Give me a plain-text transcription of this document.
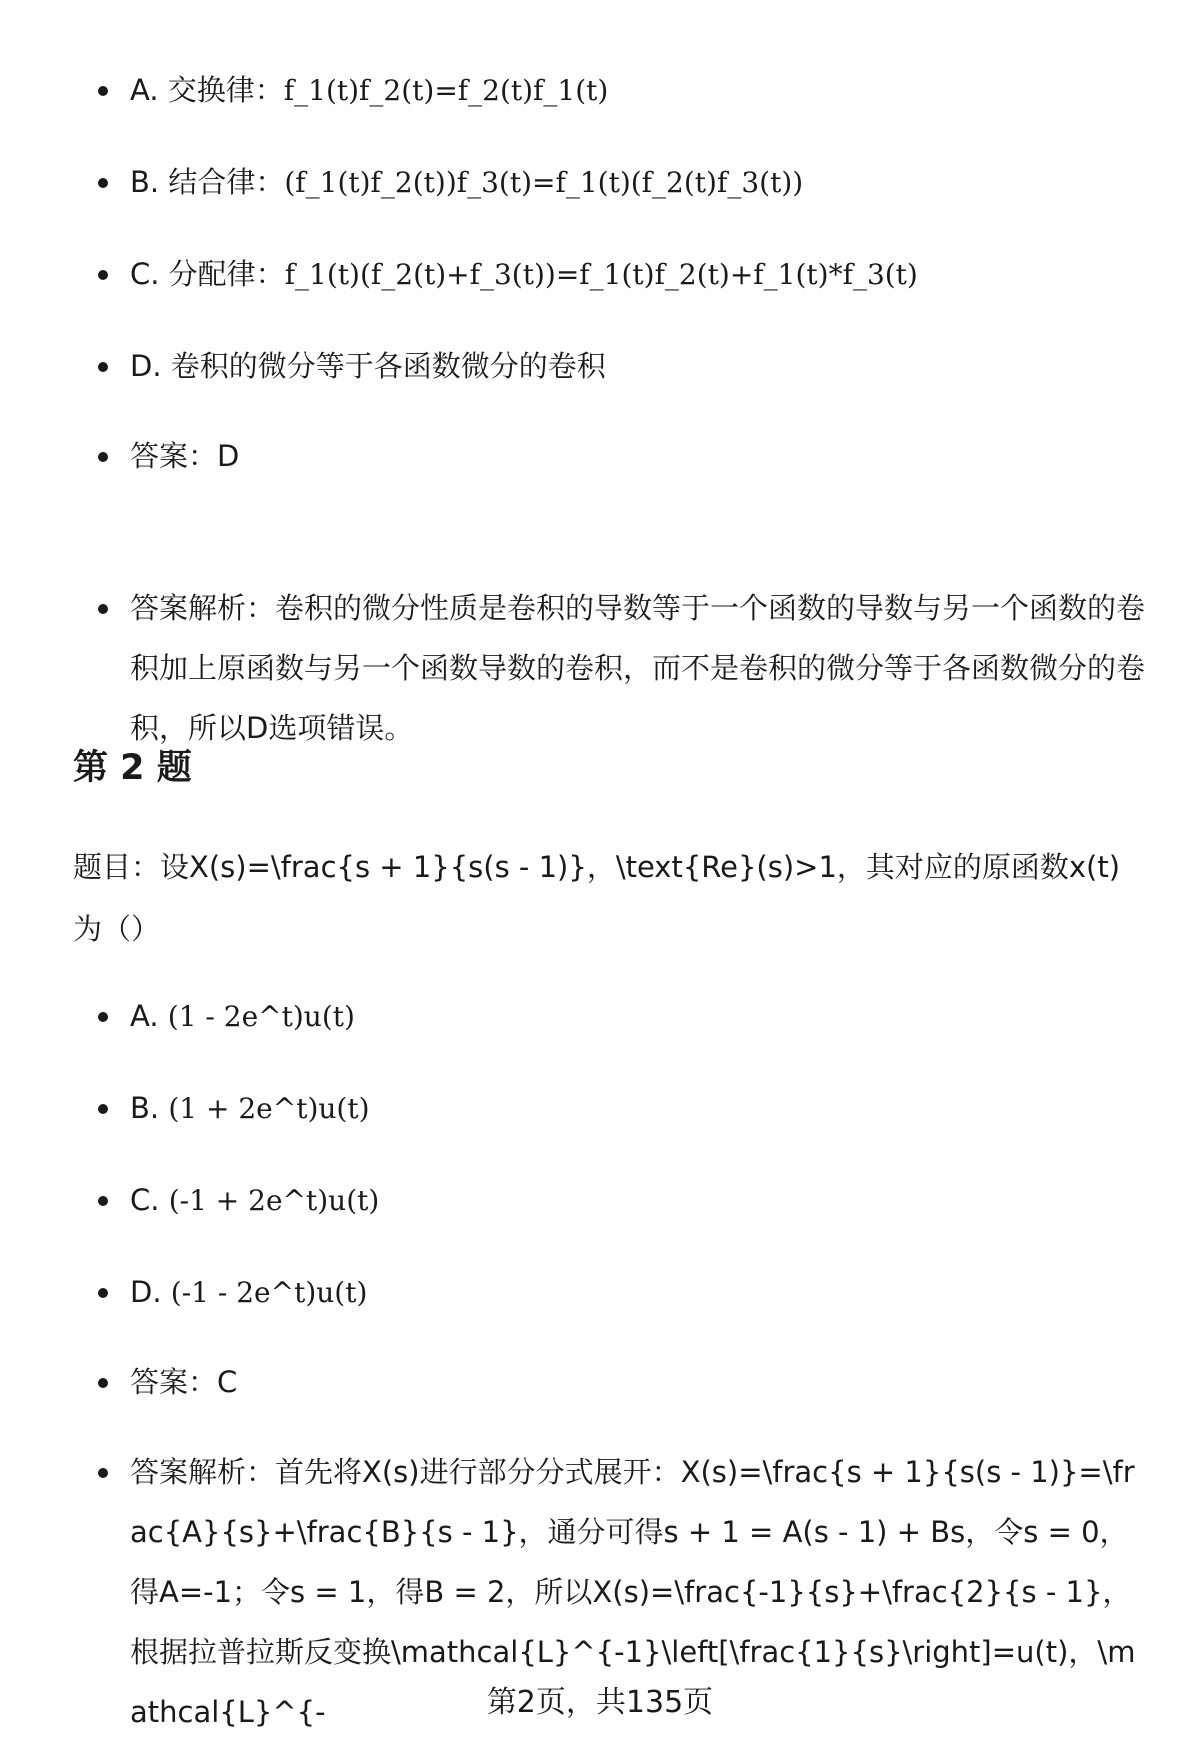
A. 交换律：f_1(t)f_2(t)=f_2(t)f_1(t)
B. 结合律：(f_1(t)f_2(t))f_3(t)=f_1(t)(f_2(t)f_3(t))
C. 分配律：f_1(t)(f_2(t)+f_3(t))=f_1(t)f_2(t)+f_1(t)*f_3(t)
D. 卷积的微分等于各函数微分的卷积
答案：D
答案解析：卷积的微分性质是卷积的导数等于一个函数的导数与另一个函数的卷积加上原函数与另一个函数导数的卷积，而不是卷积的微分等于各函数微分的卷积，所以D选项错误。
第 2 题

题目：设X(s)=\frac{s + 1}{s(s - 1)}，\text{Re}(s)>1，其对应的原函数x(t)为（）

A. (1 - 2e^t)u(t)
B. (1 + 2e^t)u(t)
C. (-1 + 2e^t)u(t)
D. (-1 - 2e^t)u(t)
答案：C
答案解析：首先将X(s)进行部分分式展开：X(s)=\frac{s + 1}{s(s - 1)}=\frac{A}{s}+\frac{B}{s - 1}，通分可得s + 1 = A(s - 1) + Bs，令s = 0，得A=-1；令s = 1，得B = 2，所以X(s)=\frac{-1}{s}+\frac{2}{s - 1}，根据拉普拉斯反变换\mathcal{L}^{-1}\left[\frac{1}{s}\right]=u(t)，\mathcal{L}^{-	第2页，共135页
